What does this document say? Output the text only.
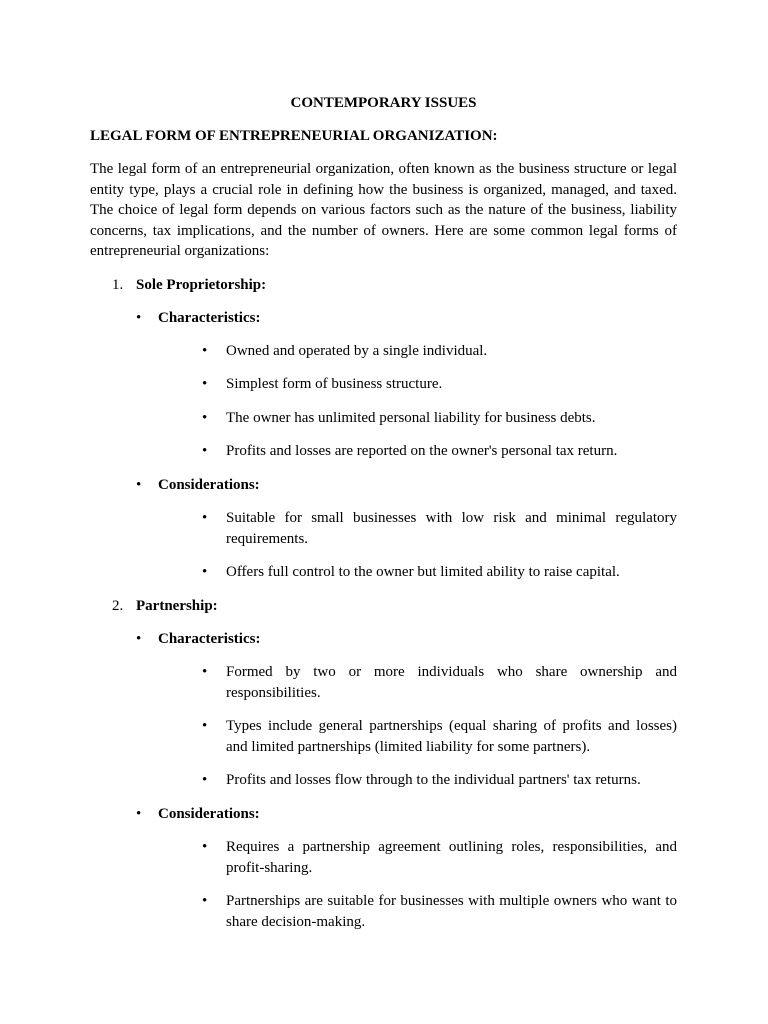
CONTEMPORARY ISSUES
LEGAL FORM OF ENTREPRENEURIAL ORGANIZATION:

The legal form of an entrepreneurial organization, often known as the business structure or legal entity type, plays a crucial role in defining how the business is organized, managed, and taxed. The choice of legal form depends on various factors such as the nature of the business, liability concerns, tax implications, and the number of owners. Here are some common legal forms of entrepreneurial organizations:

1. Sole Proprietorship:
• Characteristics:
• Owned and operated by a single individual.
• Simplest form of business structure.
• The owner has unlimited personal liability for business debts.
• Profits and losses are reported on the owner's personal tax return.
• Considerations:
• Suitable for small businesses with low risk and minimal regulatory requirements.
• Offers full control to the owner but limited ability to raise capital.
2. Partnership:
• Characteristics:
• Formed by two or more individuals who share ownership and responsibilities.
• Types include general partnerships (equal sharing of profits and losses) and limited partnerships (limited liability for some partners).
• Profits and losses flow through to the individual partners' tax returns.
• Considerations:
• Requires a partnership agreement outlining roles, responsibilities, and profit-sharing.
• Partnerships are suitable for businesses with multiple owners who want to share decision-making.
